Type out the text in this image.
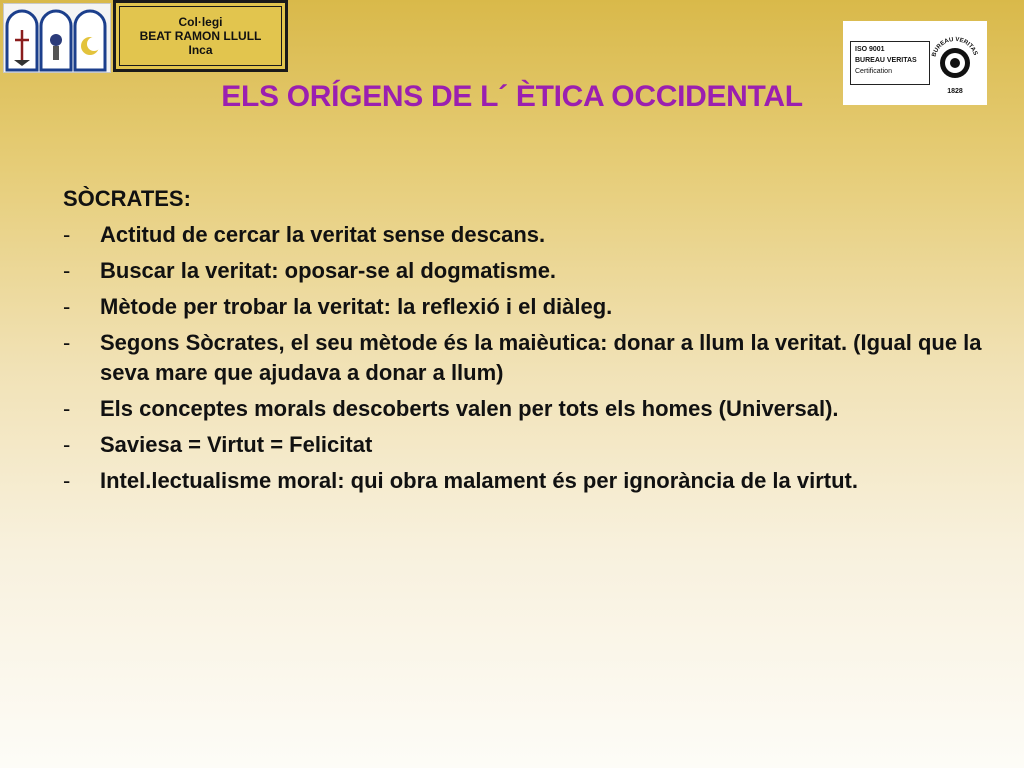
Col·legi
BEAT RAMON LLULL
Inca	ISO 9001
BUREAU VERITAS
Certification
BUREAU VERITAS
1828
ELS ORÍGENS DE L´ ÈTICA OCCIDENTAL
SÒCRATES:
- Actitud de cercar la veritat sense descans.
- Buscar la veritat: oposar-se al dogmatisme.
- Mètode per trobar la veritat: la reflexió i el diàleg.
- Segons Sòcrates, el seu mètode és la maièutica: donar a llum la veritat. (Igual que la seva mare que ajudava a donar a llum)
- Els conceptes morals descoberts valen per tots els homes (Universal).
- Saviesa = Virtut = Felicitat
- Intel.lectualisme moral: qui obra malament és per ignorància de la virtut.
